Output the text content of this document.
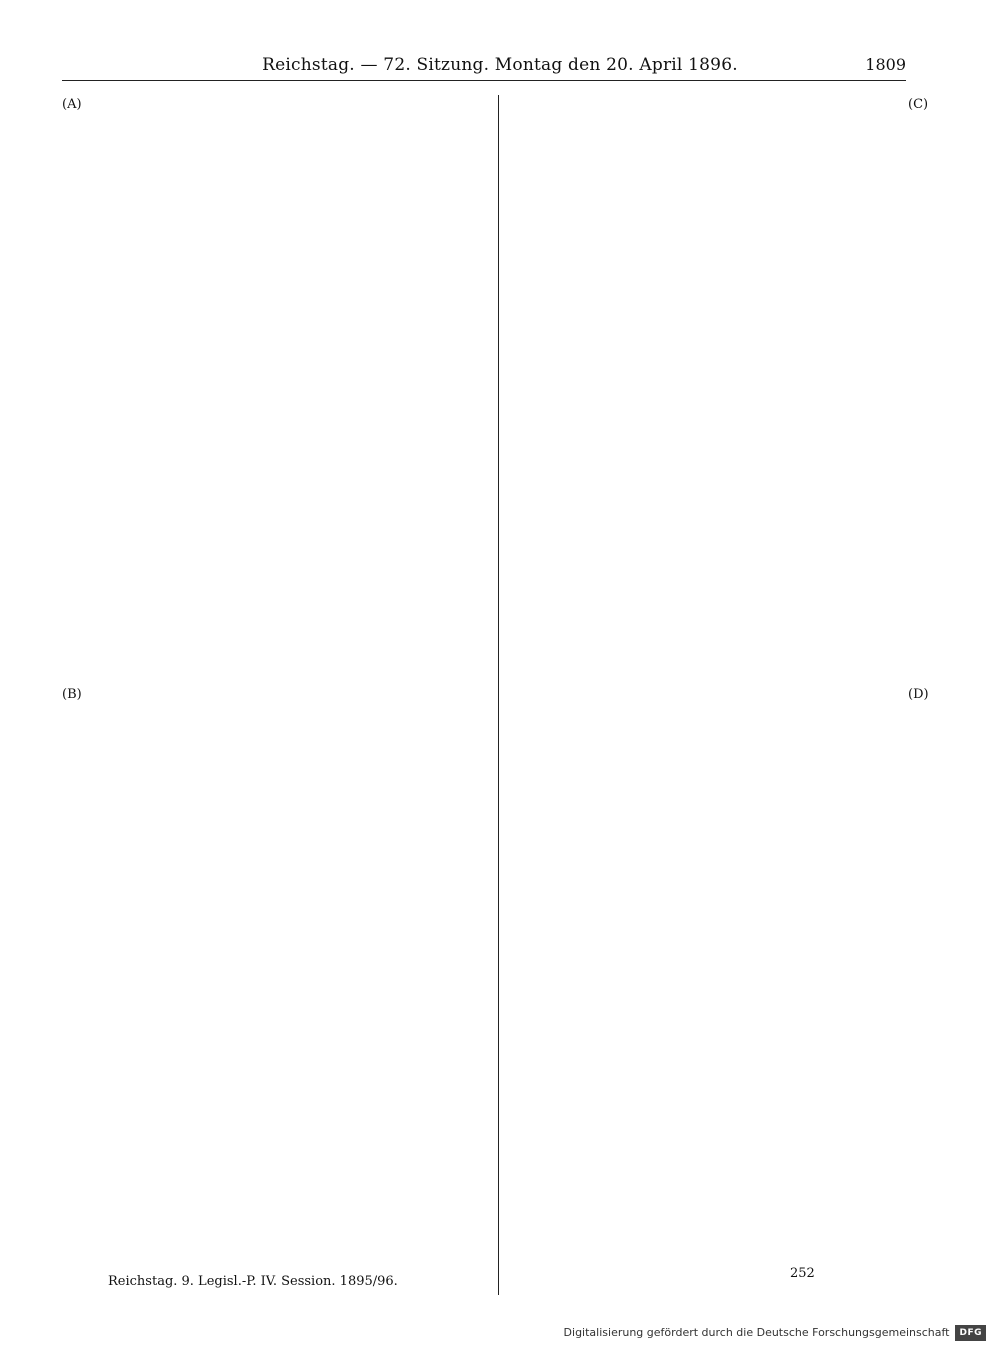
Reichstag. — 72. Sitzung. Montag den 20. April 1896.	1809
(A)
(B)
(C)
(D)
Reichstag. 9. Legisl.-P. IV. Session. 1895/96.
252
Digitalisierung gefördert durch die Deutsche Forschungsgemeinschaft	DFG
